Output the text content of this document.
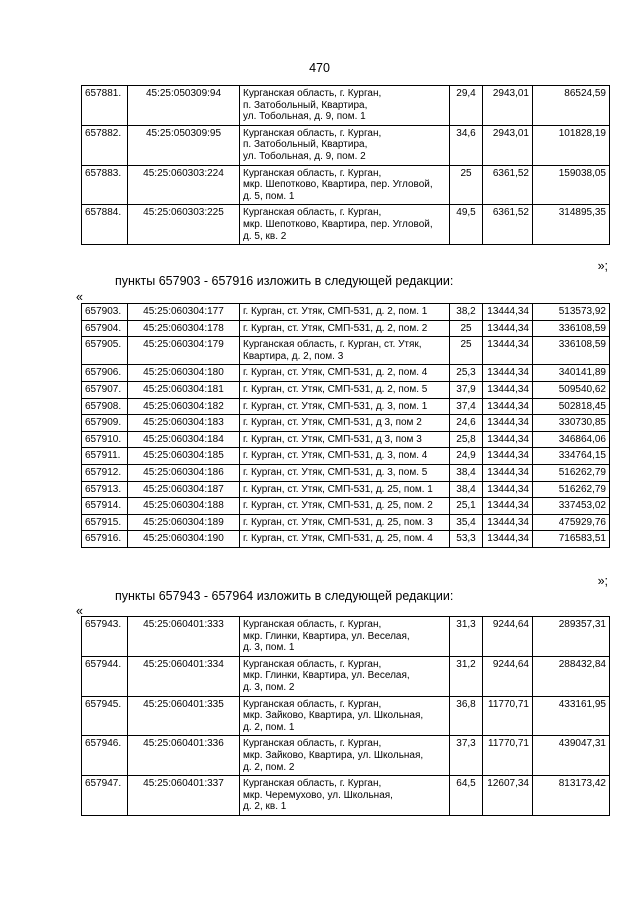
470
657881.	45:25:050309:94	Курганская область, г. Курган,
п. Затобольный, Квартира,
ул. Тобольная, д. 9, пом. 1	29,4	2943,01	86524,59
657882.	45:25:050309:95	Курганская область, г. Курган,
п. Затобольный, Квартира,
ул. Тобольная, д. 9, пом. 2	34,6	2943,01	101828,19
657883.	45:25:060303:224	Курганская область, г. Курган,
мкр. Шепотково, Квартира, пер. Угловой,
д. 5, пом. 1	25	6361,52	159038,05
657884.	45:25:060303:225	Курганская область, г. Курган,
мкр. Шепотково, Квартира, пер. Угловой,
д. 5, кв. 2	49,5	6361,52	314895,35
»;
пункты 657903 - 657916 изложить в следующей редакции:
«
657903.	45:25:060304:177	г. Курган, ст. Утяк, СМП-531, д. 2, пом. 1	38,2	13444,34	513573,92
657904.	45:25:060304:178	г. Курган, ст. Утяк, СМП-531, д. 2, пом. 2	25	13444,34	336108,59
657905.	45:25:060304:179	Курганская область, г. Курган, ст. Утяк,
Квартира, д. 2, пом. 3	25	13444,34	336108,59
657906.	45:25:060304:180	г. Курган, ст. Утяк, СМП-531, д. 2, пом. 4	25,3	13444,34	340141,89
657907.	45:25:060304:181	г. Курган, ст. Утяк, СМП-531, д. 2, пом. 5	37,9	13444,34	509540,62
657908.	45:25:060304:182	г. Курган, ст. Утяк, СМП-531, д. 3, пом. 1	37,4	13444,34	502818,45
657909.	45:25:060304:183	г. Курган, ст. Утяк, СМП-531, д 3, пом 2	24,6	13444,34	330730,85
657910.	45:25:060304:184	г. Курган, ст. Утяк, СМП-531, д 3, пом 3	25,8	13444,34	346864,06
657911.	45:25:060304:185	г. Курган, ст. Утяк, СМП-531, д. 3, пом. 4	24,9	13444,34	334764,15
657912.	45:25:060304:186	г. Курган, ст. Утяк, СМП-531, д. 3, пом. 5	38,4	13444,34	516262,79
657913.	45:25:060304:187	г. Курган, ст. Утяк, СМП-531, д. 25, пом. 1	38,4	13444,34	516262,79
657914.	45:25:060304:188	г. Курган, ст. Утяк, СМП-531, д. 25, пом. 2	25,1	13444,34	337453,02
657915.	45:25:060304:189	г. Курган, ст. Утяк, СМП-531, д. 25, пом. 3	35,4	13444,34	475929,76
657916.	45:25:060304:190	г. Курган, ст. Утяк, СМП-531, д. 25, пом. 4	53,3	13444,34	716583,51
»;
пункты 657943 - 657964 изложить в следующей редакции:
«
657943.	45:25:060401:333	Курганская область, г. Курган,
мкр. Глинки, Квартира, ул. Веселая,
д. 3, пом. 1	31,3	9244,64	289357,31
657944.	45:25:060401:334	Курганская область, г. Курган,
мкр. Глинки, Квартира, ул. Веселая,
д. 3, пом. 2	31,2	9244,64	288432,84
657945.	45:25:060401:335	Курганская область, г. Курган,
мкр. Зайково, Квартира, ул. Школьная,
д. 2, пом. 1	36,8	11770,71	433161,95
657946.	45:25:060401:336	Курганская область, г. Курган,
мкр. Зайково, Квартира, ул. Школьная,
д. 2, пом. 2	37,3	11770,71	439047,31
657947.	45:25:060401:337	Курганская область, г. Курган,
мкр. Черемухово, ул. Школьная,
д. 2, кв. 1	64,5	12607,34	813173,42
